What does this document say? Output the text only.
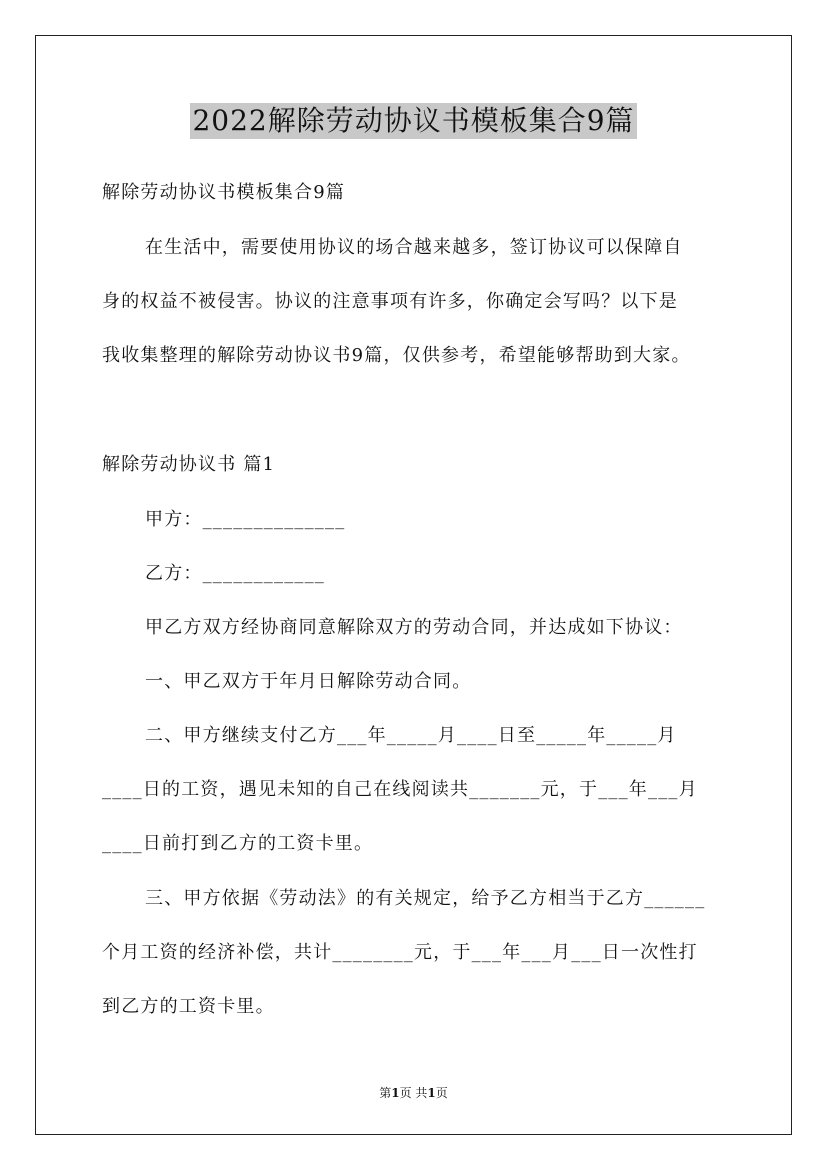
2022解除劳动协议书模板集合9篇
解除劳动协议书模板集合9篇
在生活中，需要使用协议的场合越来越多，签订协议可以保障自
身的权益不被侵害。协议的注意事项有许多，你确定会写吗？以下是
我收集整理的解除劳动协议书9篇，仅供参考，希望能够帮助到大家。
解除劳动协议书 篇1
甲方：______________
乙方：____________
甲乙方双方经协商同意解除双方的劳动合同，并达成如下协议：
一、甲乙双方于年月日解除劳动合同。
二、甲方继续支付乙方___年_____月____日至_____年_____月
____日的工资，遇见未知的自己在线阅读共_______元，于___年___月
____日前打到乙方的工资卡里。
三、甲方依据《劳动法》的有关规定，给予乙方相当于乙方______
个月工资的经济补偿，共计________元，于___年___月___日一次性打
到乙方的工资卡里。
第1页 共1页
